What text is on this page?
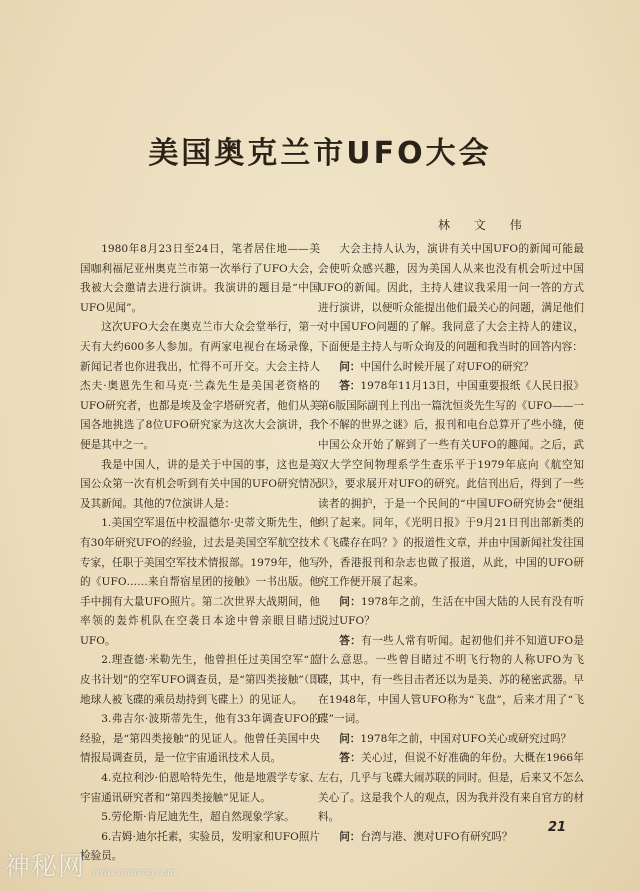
美国奥克兰市UFO大会

林 文 伟

1980年8月23日至24日，笔者居住地——美国咖利福尼亚州奥克兰市第一次举行了UFO大会，我被大会邀请去进行演讲。我演讲的题目是“中国UFO见闻”。

这次UFO大会在奥克兰市大众会堂举行，第一天有大约600多人参加。有两家电视台在场录像，新闻记者也你进我出，忙得不可开交。大会主持人杰夫·奥恩先生和马克·兰森先生是美国老资格的UFO研究者，也都是埃及金字塔研究者，他们从美国各地挑选了8位UFO研究家为这次大会演讲，我便是其中之一。

我是中国人，讲的是关于中国的事，这也是美国公众第一次有机会听到有关中国的UFO研究情况及其新闻。其他的7位演讲人是：

1.美国空军退伍中校温德尔·史蒂文斯先生，他有30年研究UFO的经验，过去是美国空军航空技术专家，任职于美国空军技术情报部。1979年，他写的《UFO……来自帮宿星团的接触》一书出版。他手中拥有大量UFO照片。第二次世界大战期间，他率领的轰炸机队在空袭日本途中曾亲眼目睹过UFO。

2.理查德·米勒先生，他曾担任过美国空军“蓝皮书计划”的空军UFO调查员，是“第四类接触”（即地球人被飞碟的乘员劫持到飞碟上）的见证人。

3.弗吉尔·波斯蒂先生，他有33年调查UFO的经验，是“第四类接触”的见证人。他曾任美国中央情报局调查员，是一位宇宙通讯技术人员。

4.克拉利沙·伯恩哈特先生，他是地震学专家、宇宙通讯研究者和“第四类接触”见证人。

5.劳伦斯·肯尼迪先生，超自然现象学家。

6.吉姆·迪尔托素，实验员，发明家和UFO照片检验员。

大会主持人认为，演讲有关中国UFO的新闻可能最会使听众感兴趣，因为美国人从来也没有机会听过中国UFO的新闻。因此，主持人建议我采用一问一答的方式进行演讲，以便听众能提出他们最关心的问题，满足他们对中国UFO问题的了解。我同意了大会主持人的建议，下面便是主持人与听众询及的问题和我当时的回答内容：

问：中国什么时候开展了对UFO的研究？

答：1978年11月13日，中国重要报纸《人民日报》第6版国际副刊上刊出一篇沈恒炎先生写的《UFO——一个不解的世界之谜》后，报刊和电台总算开了些小缝，使中国公众开始了解到了一些有关UFO的趣闻。之后，武汉大学空间物理系学生查乐平于1979年底向《航空知识》，要求展开对UFO的研究。此信刊出后，得到了一些读者的拥护，于是一个民间的“中国UFO研究协会”便组织了起来。同年，《光明日报》于9月21日刊出部新类的《飞碟存在吗？》的报道性文章，并由中国新闻社发往国外，香港报刊和杂志也做了报道，从此，中国的UFO研究工作便开展了起来。

问：1978年之前，生活在中国大陆的人民有没有听说过UFO？

答：有一些人常有听闻。起初他们并不知道UFO是什么意思。一些曾目睹过不明飞行物的人称UFO为飞碟，其中，有一些目击者还以为是美、苏的秘密武器。早在1948年，中国人管UFO称为“飞盘”，后来才用了“飞碟”一词。

问：1978年之前，中国对UFO关心或研究过吗？

答：关心过，但说不好准确的年份。大概在1966年左右，几乎与飞碟大闹苏联的同时。但是，后来又不怎么关心了。这是我个人的观点，因为我并没有来自官方的材料。

问：台湾与港、澳对UFO有研究吗？

21

神秘网 www.smwang.com
